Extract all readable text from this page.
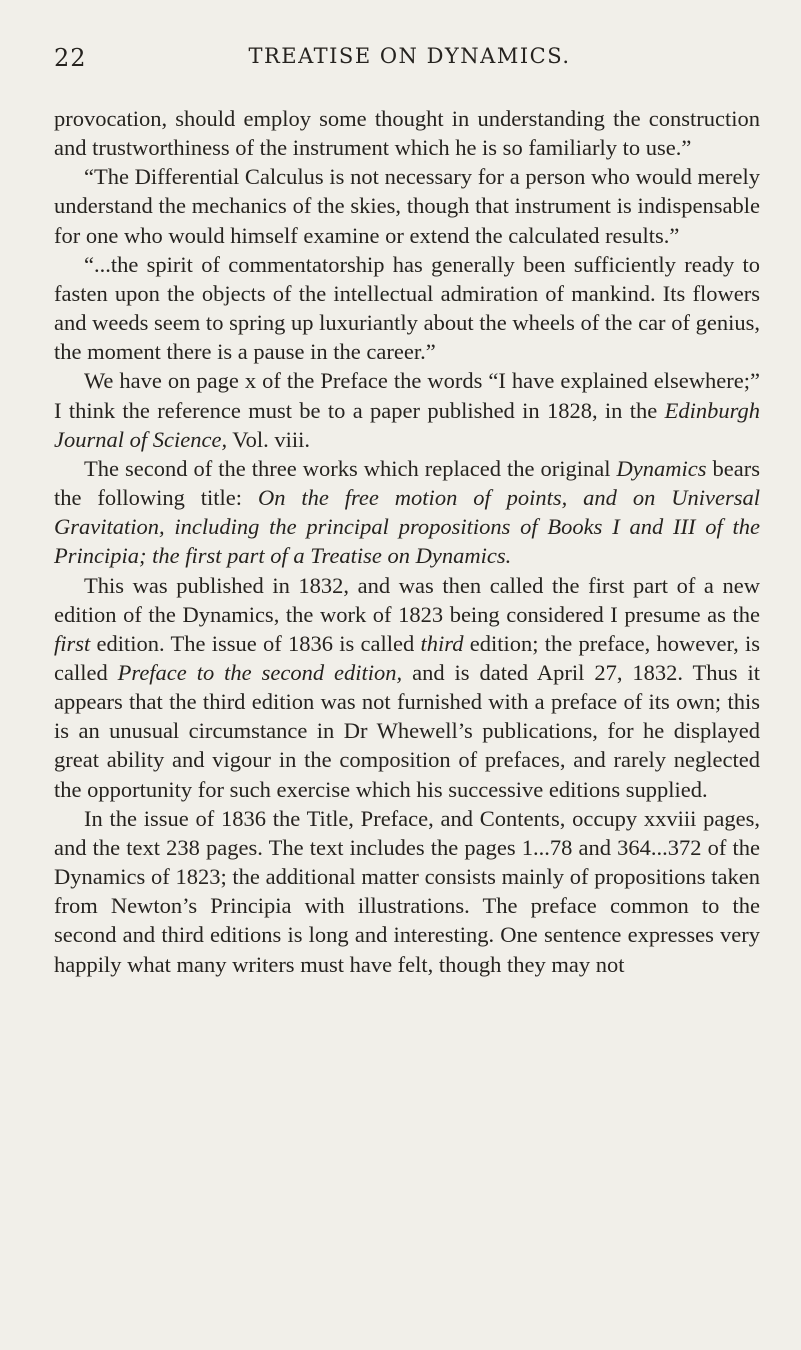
22	TREATISE ON DYNAMICS.

provocation, should employ some thought in understanding the construction and trustworthiness of the instrument which he is so familiarly to use.”

“The Differential Calculus is not necessary for a person who would merely understand the mechanics of the skies, though that instrument is indispensable for one who would himself examine or extend the calculated results.”

“...the spirit of commentatorship has generally been sufficiently ready to fasten upon the objects of the intellectual admiration of mankind. Its flowers and weeds seem to spring up luxuriantly about the wheels of the car of genius, the moment there is a pause in the career.”

We have on page x of the Preface the words “I have explained elsewhere;” I think the reference must be to a paper published in 1828, in the Edinburgh Journal of Science, Vol. viii.

The second of the three works which replaced the original Dynamics bears the following title: On the free motion of points, and on Universal Gravitation, including the principal propositions of Books I and III of the Principia; the first part of a Treatise on Dynamics.

This was published in 1832, and was then called the first part of a new edition of the Dynamics, the work of 1823 being considered I presume as the first edition. The issue of 1836 is called third edition; the preface, however, is called Preface to the second edition, and is dated April 27, 1832. Thus it appears that the third edition was not furnished with a preface of its own; this is an unusual circumstance in Dr Whewell’s publications, for he displayed great ability and vigour in the composition of prefaces, and rarely neglected the opportunity for such exercise which his successive editions supplied.

In the issue of 1836 the Title, Preface, and Contents, occupy xxviii pages, and the text 238 pages. The text includes the pages 1...78 and 364...372 of the Dynamics of 1823; the additional matter consists mainly of propositions taken from Newton’s Principia with illustrations. The preface common to the second and third editions is long and interesting. One sentence expresses very happily what many writers must have felt, though they may not
